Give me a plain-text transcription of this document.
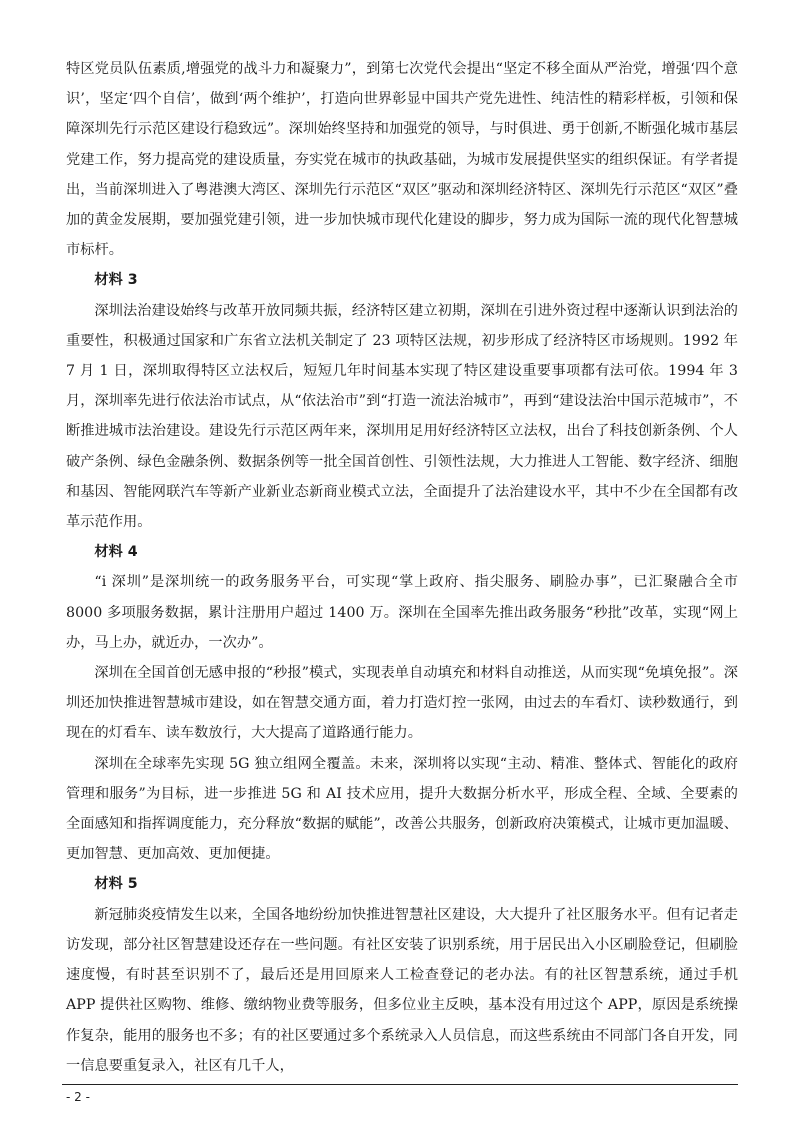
特区党员队伍素质,增强党的战斗力和凝聚力”，到第七次党代会提出“坚定不移全面从严治党，增强‘四个意识’，坚定‘四个自信’，做到‘两个维护’，打造向世界彰显中国共产党先进性、纯洁性的精彩样板，引领和保障深圳先行示范区建设行稳致远”。深圳始终坚持和加强党的领导，与时俱进、勇于创新,不断强化城市基层党建工作，努力提高党的建设质量，夯实党在城市的执政基础，为城市发展提供坚实的组织保证。有学者提出，当前深圳进入了粤港澳大湾区、深圳先行示范区“双区”驱动和深圳经济特区、深圳先行示范区“双区”叠加的黄金发展期，要加强党建引领，进一步加快城市现代化建设的脚步，努力成为国际一流的现代化智慧城市标杆。

材料 3

深圳法治建设始终与改革开放同频共振，经济特区建立初期，深圳在引进外资过程中逐渐认识到法治的重要性，积极通过国家和广东省立法机关制定了 23 项特区法规，初步形成了经济特区市场规则。1992 年 7 月 1 日，深圳取得特区立法权后，短短几年时间基本实现了特区建设重要事项都有法可依。1994 年 3 月，深圳率先进行依法治市试点，从“依法治市”到“打造一流法治城市”，再到“建设法治中国示范城市”，不断推进城市法治建设。建设先行示范区两年来，深圳用足用好经济特区立法权，出台了科技创新条例、个人破产条例、绿色金融条例、数据条例等一批全国首创性、引领性法规，大力推进人工智能、数字经济、细胞和基因、智能网联汽车等新产业新业态新商业模式立法，全面提升了法治建设水平，其中不少在全国都有改革示范作用。

材料 4

“i 深圳”是深圳统一的政务服务平台，可实现“掌上政府、指尖服务、刷脸办事”，已汇聚融合全市 8000 多项服务数据，累计注册用户超过 1400 万。深圳在全国率先推出政务服务“秒批”改革，实现“网上办，马上办，就近办，一次办”。

深圳在全国首创无感申报的“秒报”模式，实现表单自动填充和材料自动推送，从而实现“免填免报”。深圳还加快推进智慧城市建设，如在智慧交通方面，着力打造灯控一张网，由过去的车看灯、读秒数通行，到现在的灯看车、读车数放行，大大提高了道路通行能力。

深圳在全球率先实现 5G 独立组网全覆盖。未来，深圳将以实现“主动、精准、整体式、智能化的政府管理和服务”为目标，进一步推进 5G 和 AI 技术应用，提升大数据分析水平，形成全程、全域、全要素的全面感知和指挥调度能力，充分释放“数据的赋能”，改善公共服务，创新政府决策模式，让城市更加温暖、更加智慧、更加高效、更加便捷。

材料 5

新冠肺炎疫情发生以来，全国各地纷纷加快推进智慧社区建设，大大提升了社区服务水平。但有记者走访发现，部分社区智慧建设还存在一些问题。有社区安装了识别系统，用于居民出入小区刷脸登记，但刷脸速度慢，有时甚至识别不了，最后还是用回原来人工检查登记的老办法。有的社区智慧系统，通过手机 APP 提供社区购物、维修、缴纳物业费等服务，但多位业主反映，基本没有用过这个 APP，原因是系统操作复杂，能用的服务也不多；有的社区要通过多个系统录入人员信息，而这些系统由不同部门各自开发，同一信息要重复录入，社区有几千人，

- 2 -
